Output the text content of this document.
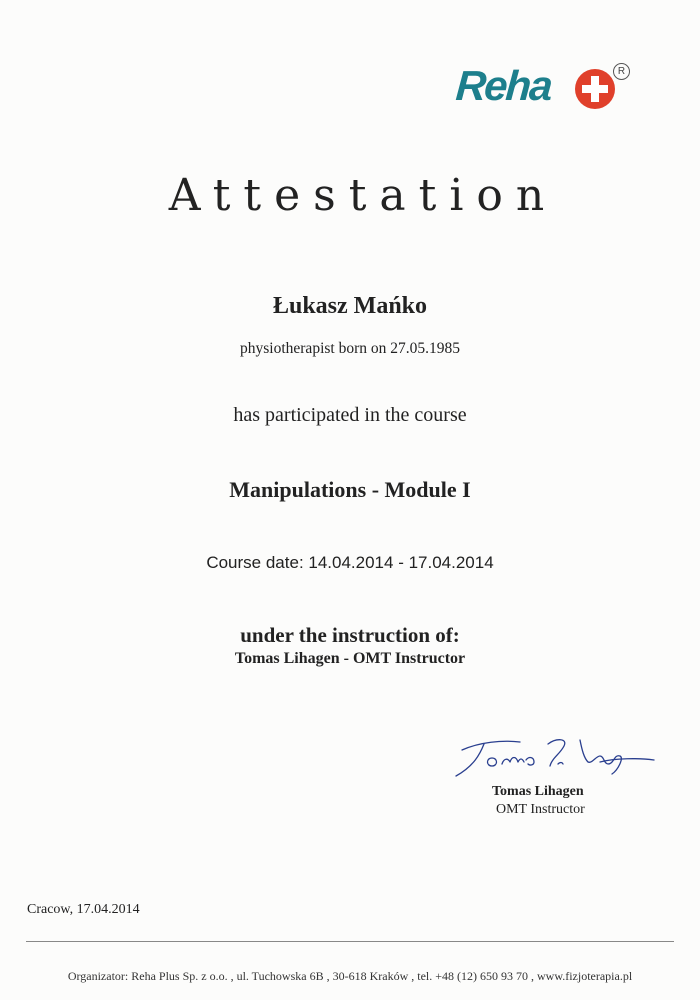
Reha	R
Attestation
Łukasz Mańko
physiotherapist born on 27.05.1985
has participated in the course
Manipulations - Module I
Course date: 14.04.2014 - 17.04.2014
under the instruction of:
Tomas Lihagen - OMT Instructor
Tomas Lihagen
OMT Instructor
Cracow, 17.04.2014
Organizator: Reha Plus Sp. z o.o. , ul. Tuchowska 6B , 30-618 Kraków , tel. +48 (12) 650 93 70 , www.fizjoterapia.pl
